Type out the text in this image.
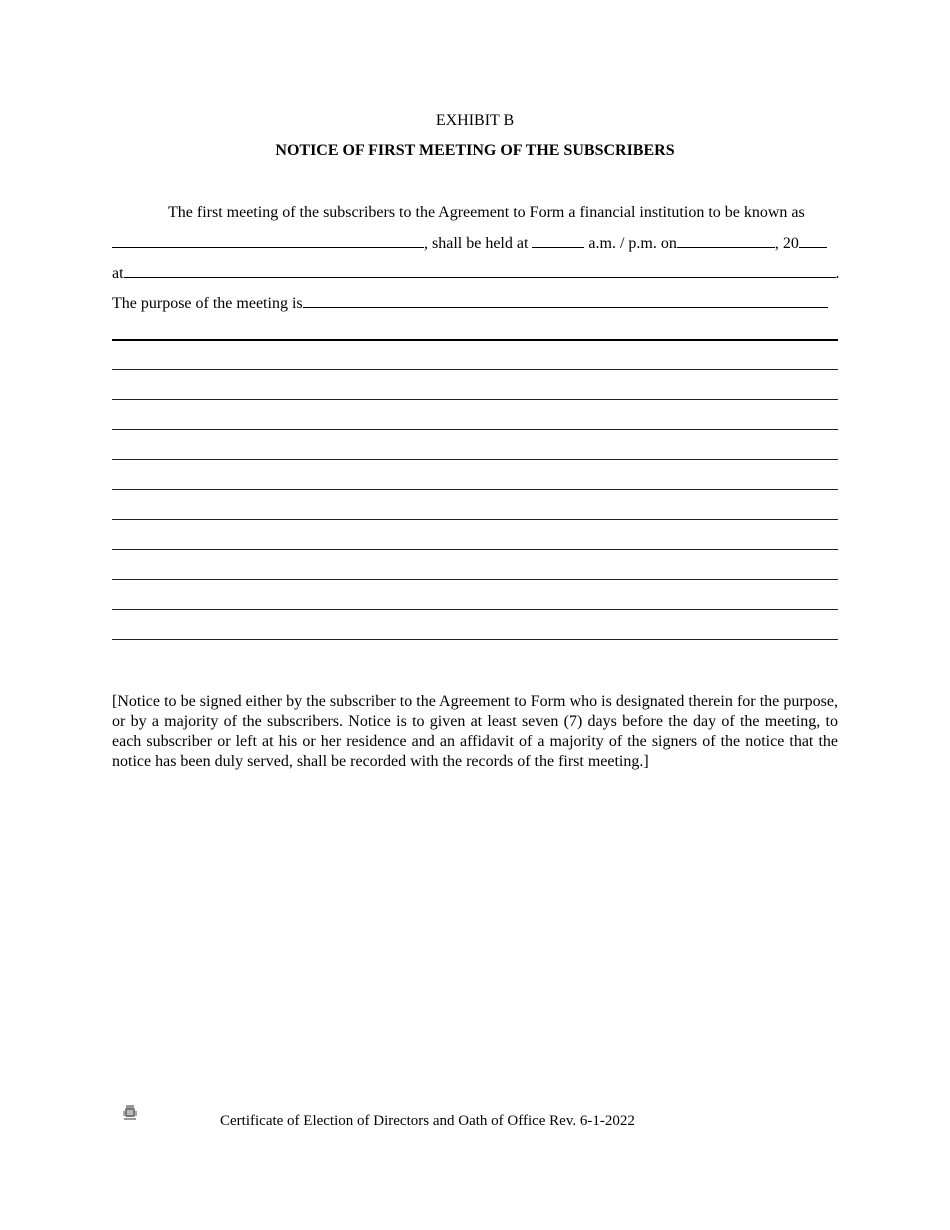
EXHIBIT B
NOTICE OF FIRST MEETING OF THE SUBSCRIBERS
The first meeting of the subscribers to the Agreement to Form a financial institution to be known as
, shall be held at	a.m. / p.m. on	, 20
at	.
The purpose of the meeting is
[Notice to be signed either by the subscriber to the Agreement to Form who is designated therein for the purpose, or by a majority of the subscribers. Notice is to given at least seven (7) days before the day of the meeting, to each subscriber or left at his or her residence and an affidavit of a majority of the signers of the notice that the notice has been duly served, shall be recorded with the records of the first meeting.]
Certificate of Election of Directors and Oath of Office Rev. 6-1-2022
